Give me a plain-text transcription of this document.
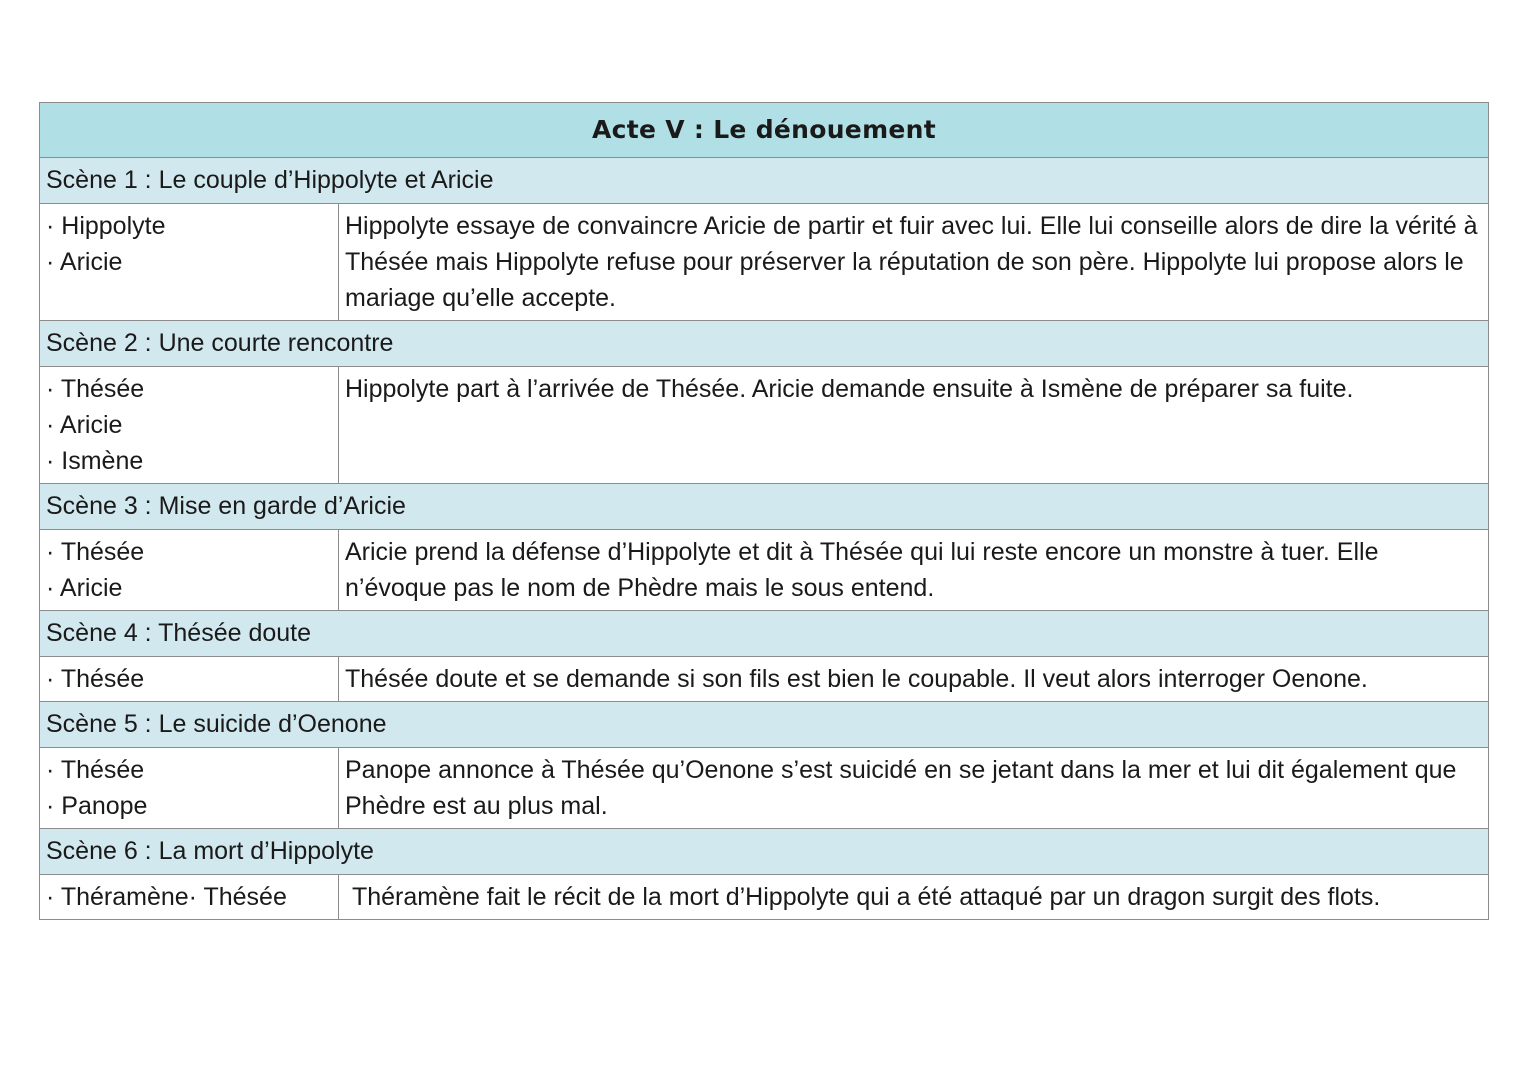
Acte V : Le dénouement	
Scène 1 : Le couple d’Hippolyte et Aricie	

· Hippolyte
· Aricie	Hippolyte essaye de convaincre Aricie de partir et fuir avec lui. Elle lui conseille alors de dire la vérité à Thésée mais Hippolyte refuse pour préserver la réputation de son père. Hippolyte lui propose alors le mariage qu’elle accepte.
Scène 2 : Une courte rencontre	

· Thésée
· Aricie
· Ismène	Hippolyte part à l’arrivée de Thésée. Aricie demande ensuite à Ismène de préparer sa fuite.
Scène 3 : Mise en garde d’Aricie	

· Thésée
· Aricie	Aricie prend la défense d’Hippolyte et dit à Thésée qui lui reste encore un monstre à tuer. Elle n’évoque pas le nom de Phèdre mais le sous entend.
Scène 4 : Thésée doute	

· Thésée	Thésée doute et se demande si son fils est bien le coupable. Il veut alors interroger Oenone.
Scène 5 : Le suicide d’Oenone	

· Thésée
· Panope	Panope annonce à Thésée qu’Oenone s’est suicidé en se jetant dans la mer et lui dit également que Phèdre est au plus mal.
Scène 6 : La mort d’Hippolyte	

· Théramène· Thésée	Théramène fait le récit de la mort d’Hippolyte qui a été attaqué par un dragon surgit des flots.
